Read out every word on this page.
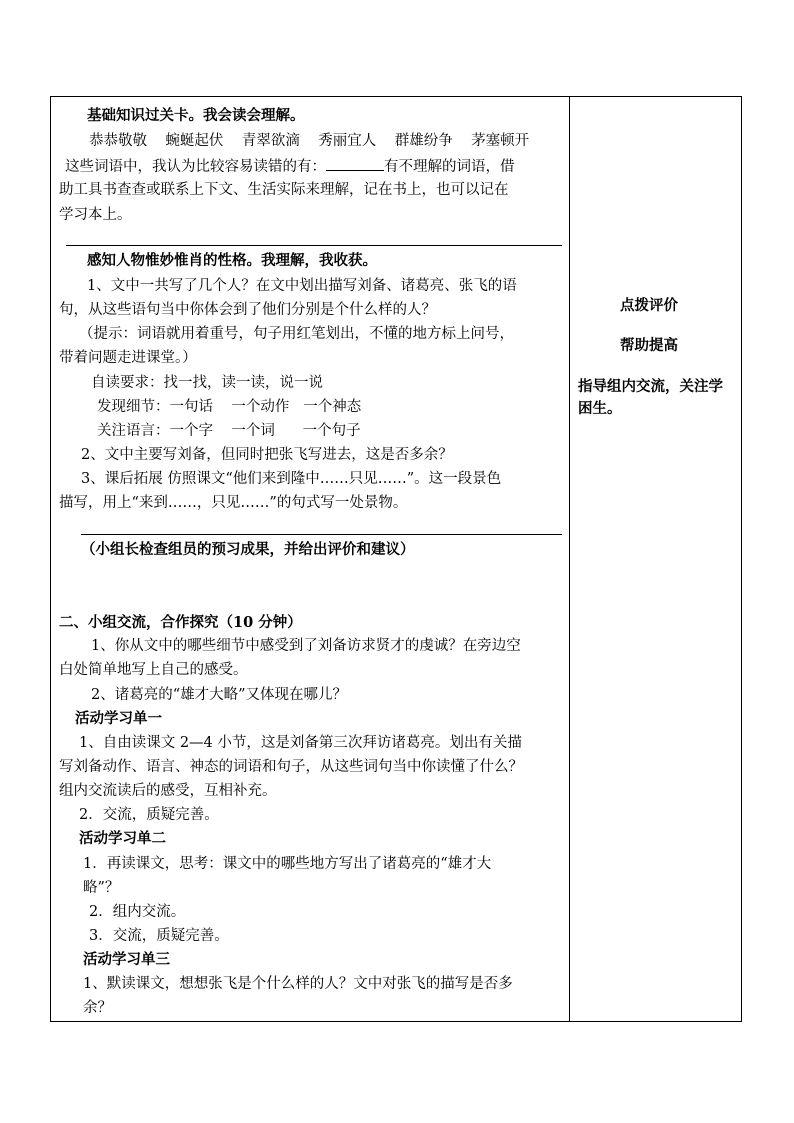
基础知识过关卡。我会读会理解。
恭恭敬敬    蜿蜒起伏    青翠欲滴    秀丽宜人    群雄纷争    茅塞顿开
这些词语中，我认为比较容易读错的有：	有不理解的词语，借
助工具书查查或联系上下文、生活实际来理解，记在书上，也可以记在
学习本上。
感知人物惟妙惟肖的性格。我理解，我收获。
1、文中一共写了几个人？在文中划出描写刘备、诸葛亮、张飞的语
句，从这些语句当中你体会到了他们分别是个什么样的人？
（提示：词语就用着重号，句子用红笔划出，不懂的地方标上问号，
带着问题走进课堂。）
自读要求：找一找，读一读，说一说
发现细节：一句话    一个动作   一个神态
关注语言：一个字    一个词      一个句子
2、文中主要写刘备，但同时把张飞写进去，这是否多余？
3、课后拓展 仿照课文“他们来到隆中……只见……”。这一段景色
描写，用上“来到……，只见……”的句式写一处景物。
（小组长检查组员的预习成果，并给出评价和建议）
二、小组交流，合作探究（10 分钟）
1、你从文中的哪些细节中感受到了刘备访求贤才的虔诚？在旁边空
白处简单地写上自己的感受。
2、诸葛亮的“雄才大略”又体现在哪儿？
活动学习单一
1、自由读课文 2—4 小节，这是刘备第三次拜访诸葛亮。划出有关描
写刘备动作、语言、神态的词语和句子，从这些词句当中你读懂了什么？
组内交流读后的感受，互相补充。
2．交流，质疑完善。
活动学习单二
1．再读课文，思考：课文中的哪些地方写出了诸葛亮的“雄才大
略”？
2．组内交流。
3．交流，质疑完善。
活动学习单三
1、默读课文，想想张飞是个什么样的人？文中对张飞的描写是否多
余？
点拨评价
帮助提高
指导组内交流，关注学
困生。
